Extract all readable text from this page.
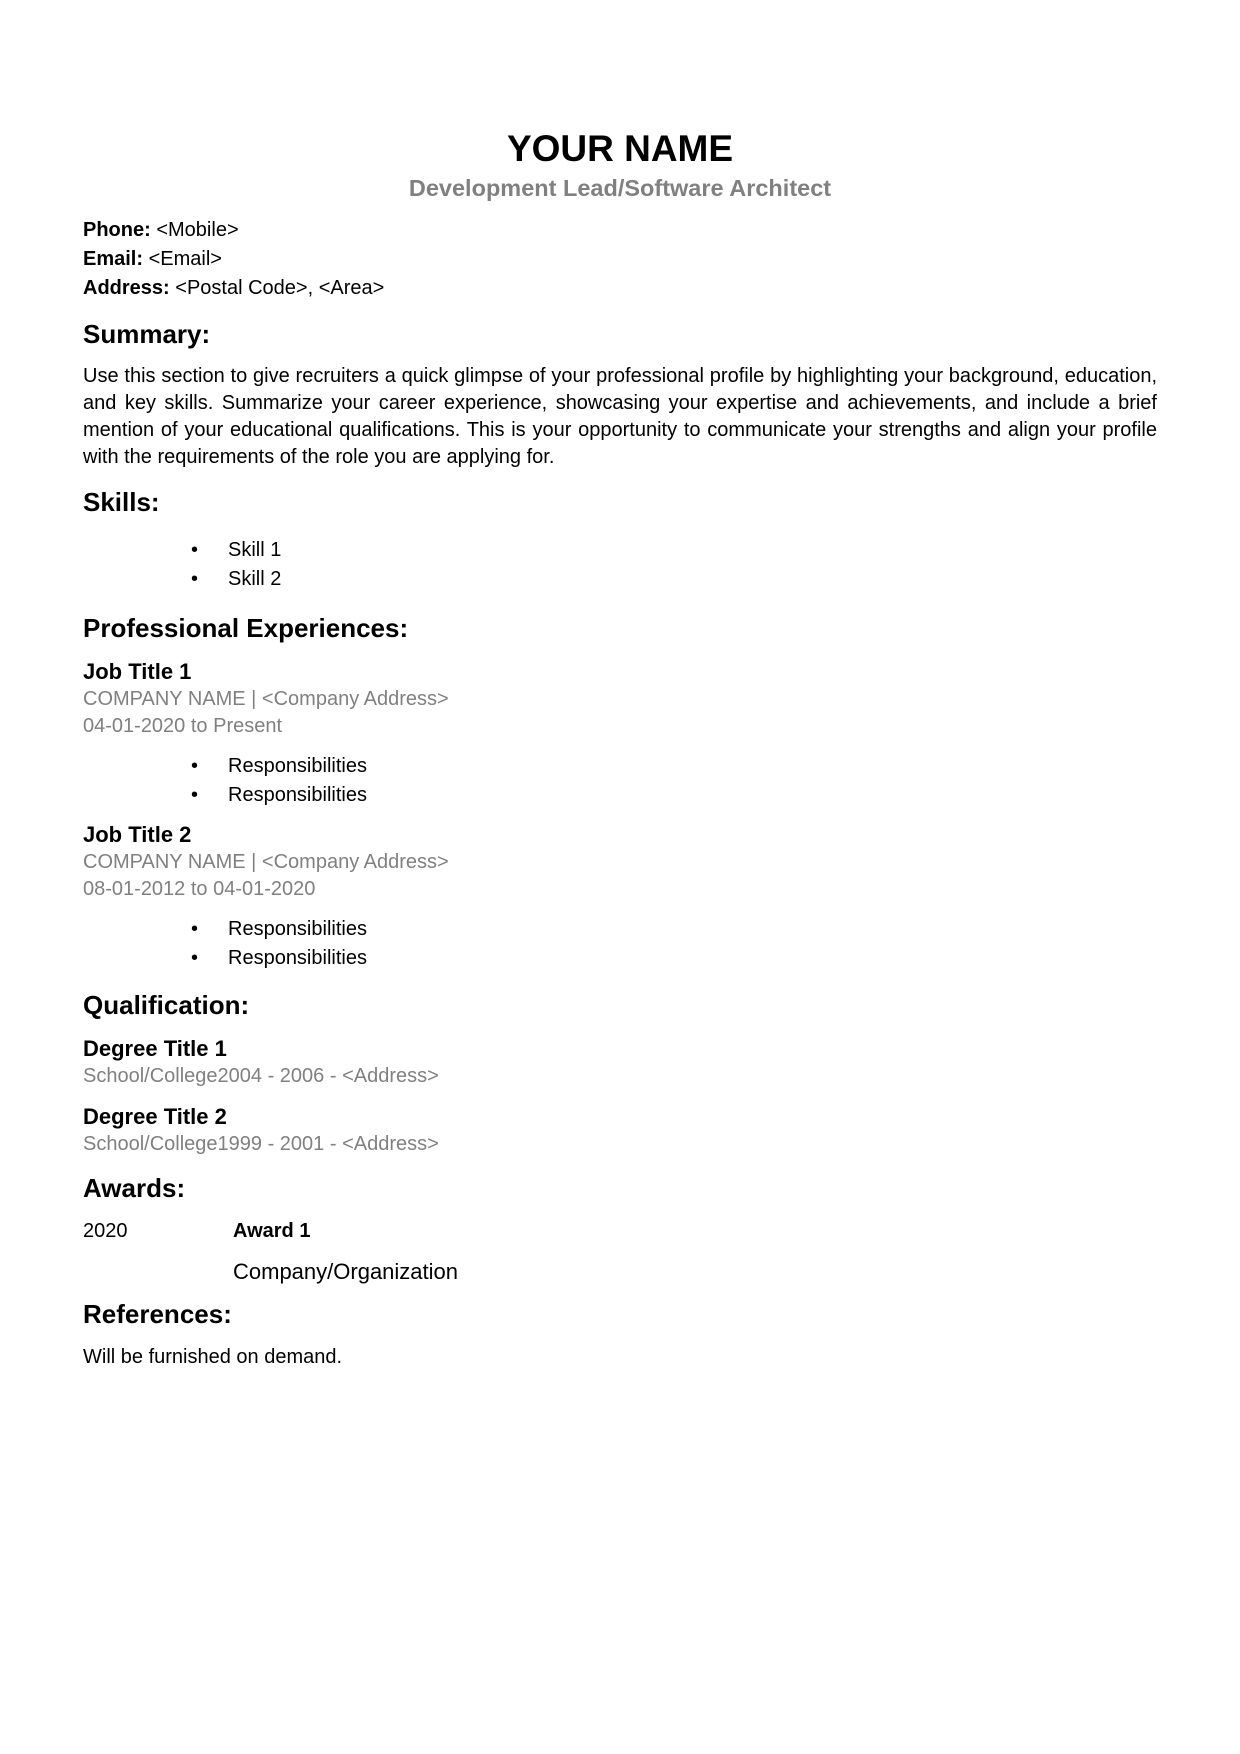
YOUR NAME
Development Lead/Software Architect
Phone: <Mobile>
Email: <Email>
Address: <Postal Code>, <Area>
Summary:

Use this section to give recruiters a quick glimpse of your professional profile by highlighting your background, education, and key skills. Summarize your career experience, showcasing your expertise and achievements, and include a brief mention of your educational qualifications. This is your opportunity to communicate your strengths and align your profile with the requirements of the role you are applying for.

Skills:
• Skill 1
• Skill 2
Professional Experiences:
Job Title 1
COMPANY NAME | <Company Address>
04-01-2020 to Present
• Responsibilities
• Responsibilities
Job Title 2
COMPANY NAME | <Company Address>
08-01-2012 to 04-01-2020
• Responsibilities
• Responsibilities
Qualification:
Degree Title 1
School/College2004 - 2006 - <Address>
Degree Title 2
School/College1999 - 2001 - <Address>
Awards:
2020	Award 1
Company/Organization
References:
Will be furnished on demand.
